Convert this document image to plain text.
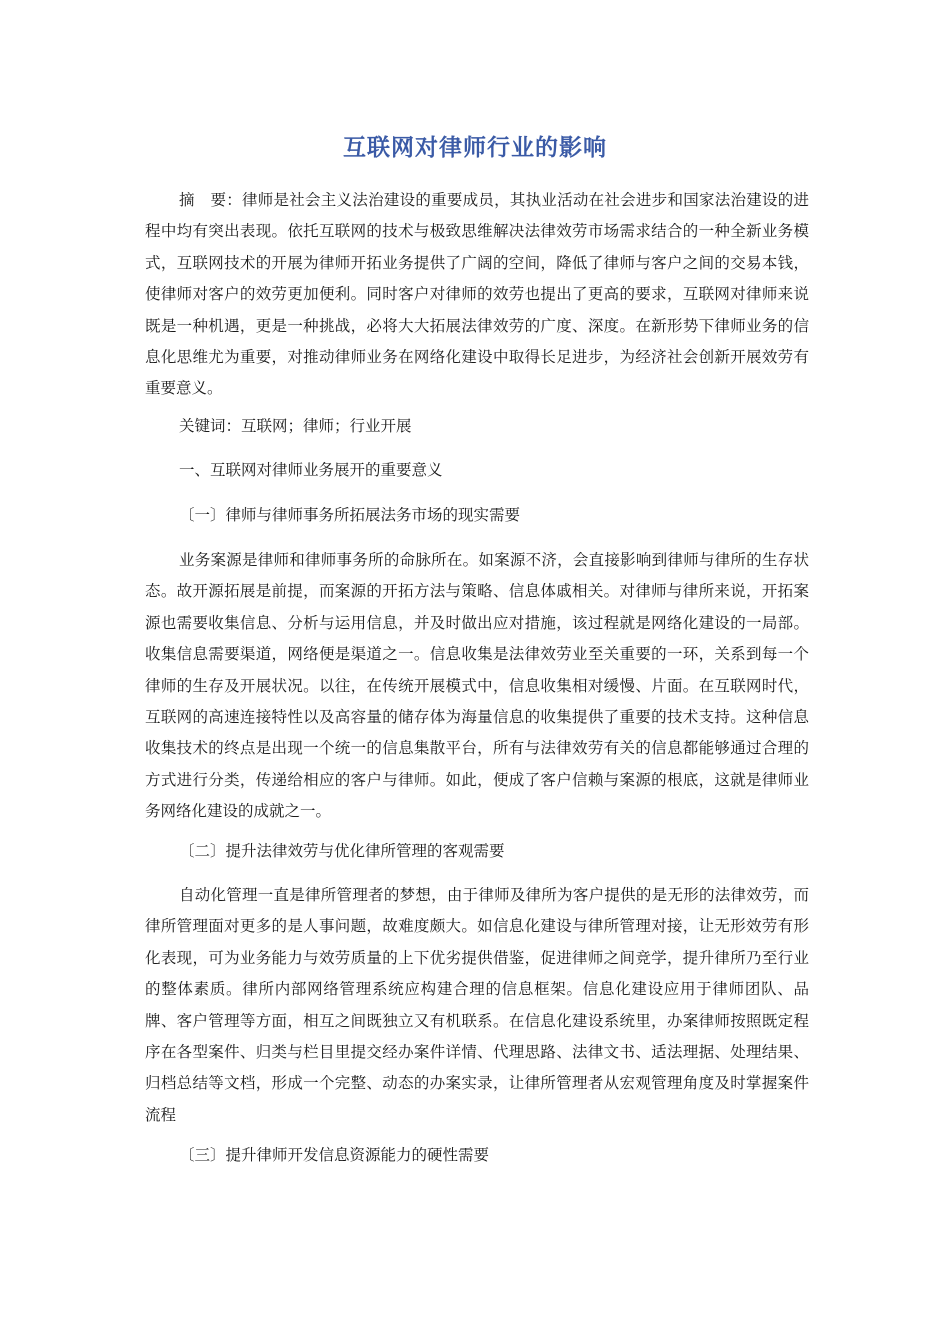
互联网对律师行业的影响
摘　要：律师是社会主义法治建设的重要成员，其执业活动在社会进步和国家法治建设的进程中均有突出表现。依托互联网的技术与极致思维解决法律效劳市场需求结合的一种全新业务模式，互联网技术的开展为律师开拓业务提供了广阔的空间，降低了律师与客户之间的交易本钱，使律师对客户的效劳更加便利。同时客户对律师的效劳也提出了更高的要求，互联网对律师来说既是一种机遇，更是一种挑战，必将大大拓展法律效劳的广度、深度。在新形势下律师业务的信息化思维尤为重要，对推动律师业务在网络化建设中取得长足进步，为经济社会创新开展效劳有重要意义。
关键词：互联网；律师；行业开展
一、互联网对律师业务展开的重要意义
〔一〕律师与律师事务所拓展法务市场的现实需要
业务案源是律师和律师事务所的命脉所在。如案源不济，会直接影响到律师与律所的生存状态。故开源拓展是前提，而案源的开拓方法与策略、信息体戚相关。对律师与律所来说，开拓案源也需要收集信息、分析与运用信息，并及时做出应对措施，该过程就是网络化建设的一局部。收集信息需要渠道，网络便是渠道之一。信息收集是法律效劳业至关重要的一环，关系到每一个律师的生存及开展状况。以往，在传统开展模式中，信息收集相对缓慢、片面。在互联网时代，互联网的高速连接特性以及高容量的储存体为海量信息的收集提供了重要的技术支持。这种信息收集技术的终点是出现一个统一的信息集散平台，所有与法律效劳有关的信息都能够通过合理的方式进行分类，传递给相应的客户与律师。如此，便成了客户信赖与案源的根底，这就是律师业务网络化建设的成就之一。
〔二〕提升法律效劳与优化律所管理的客观需要
自动化管理一直是律所管理者的梦想，由于律师及律所为客户提供的是无形的法律效劳，而律所管理面对更多的是人事问题，故难度颇大。如信息化建设与律所管理对接，让无形效劳有形化表现，可为业务能力与效劳质量的上下优劣提供借鉴，促进律师之间竞学，提升律所乃至行业的整体素质。律所内部网络管理系统应构建合理的信息框架。信息化建设应用于律师团队、品牌、客户管理等方面，相互之间既独立又有机联系。在信息化建设系统里，办案律师按照既定程序在各型案件、归类与栏目里提交经办案件详情、代理思路、法律文书、适法理据、处理结果、归档总结等文档，形成一个完整、动态的办案实录，让律所管理者从宏观管理角度及时掌握案件流程
〔三〕提升律师开发信息资源能力的硬性需要
